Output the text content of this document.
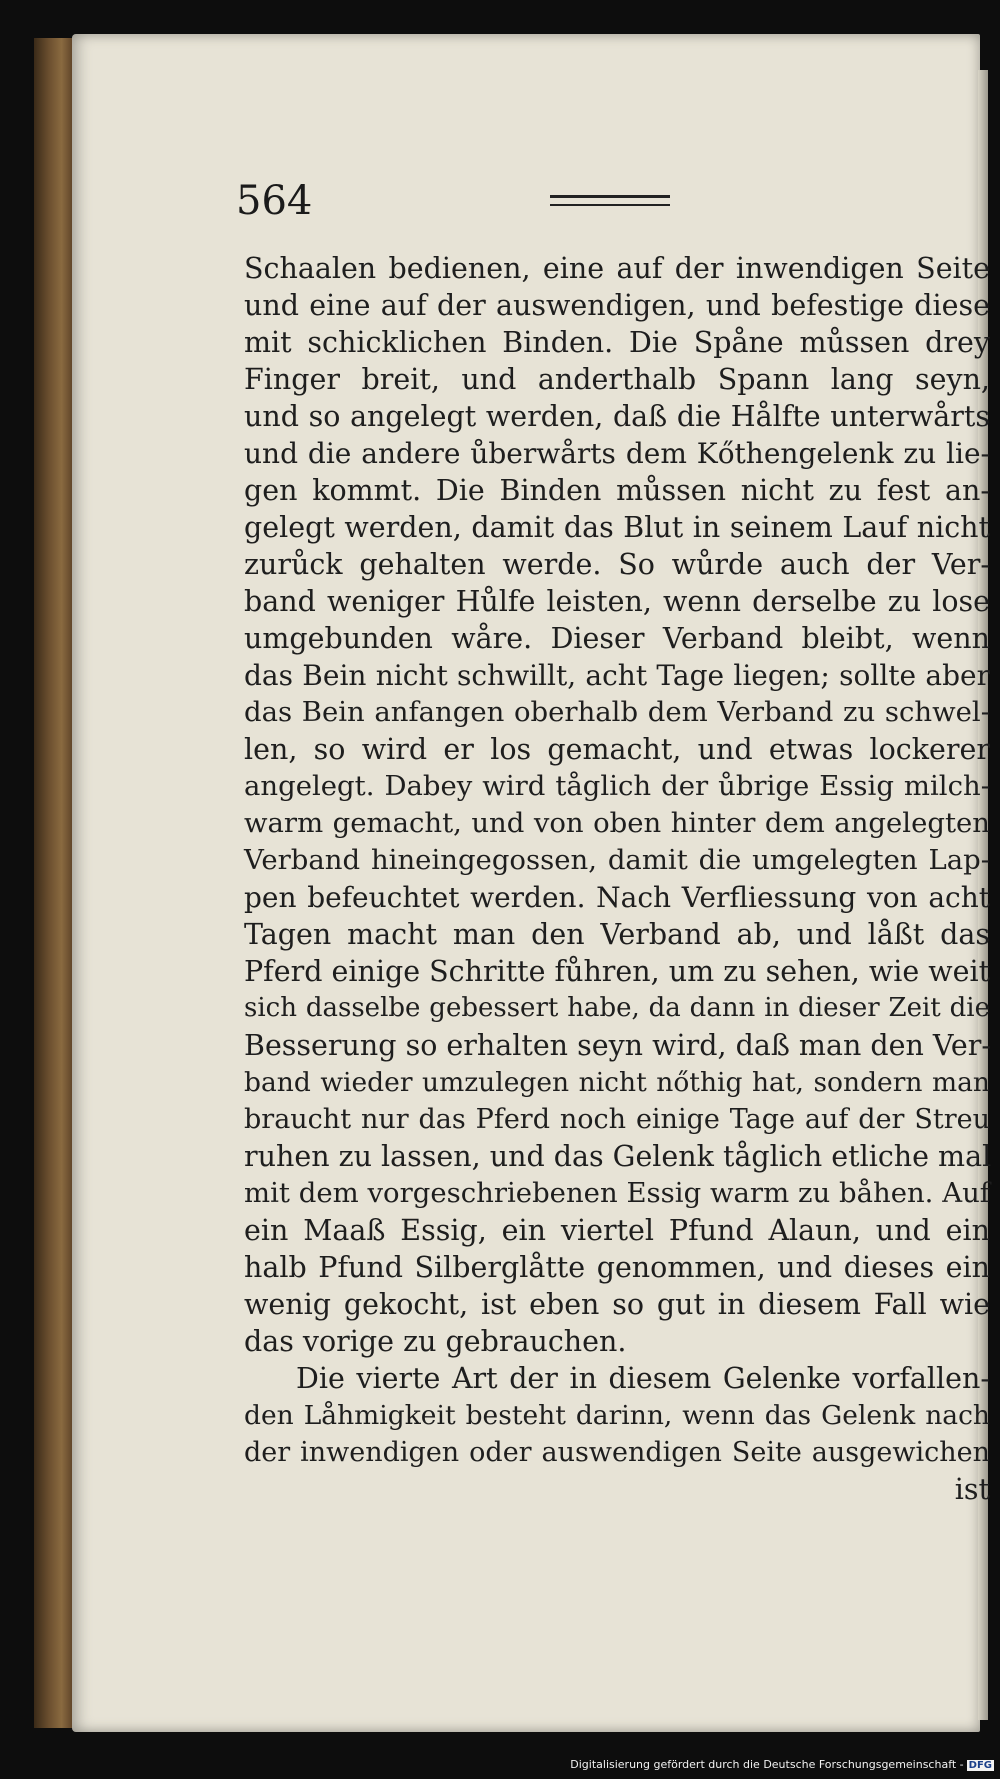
564
Schaalen bedienen, eine auf der inwendigen Seite
und eine auf der auswendigen, und befestige diese
mit schicklichen Binden. Die Spåne můssen drey
Finger breit, und anderthalb Spann lang seyn,
und so angelegt werden, daß die Hålfte unterwårts
und die andere ůberwårts dem Kőthengelenk zu lie-
gen kommt. Die Binden můssen nicht zu fest an-
gelegt werden, damit das Blut in seinem Lauf nicht
zurůck gehalten werde. So wůrde auch der Ver-
band weniger Hůlfe leisten, wenn derselbe zu lose
umgebunden wåre. Dieser Verband bleibt, wenn
das Bein nicht schwillt, acht Tage liegen; sollte aber
das Bein anfangen oberhalb dem Verband zu schwel-
len, so wird er los gemacht, und etwas lockerer
angelegt. Dabey wird tåglich der ůbrige Essig milch-
warm gemacht, und von oben hinter dem angelegten
Verband hineingegossen, damit die umgelegten Lap-
pen befeuchtet werden. Nach Verfliessung von acht
Tagen macht man den Verband ab, und låßt das
Pferd einige Schritte fůhren, um zu sehen, wie weit
sich dasselbe gebessert habe, da dann in dieser Zeit die
Besserung so erhalten seyn wird, daß man den Ver-
band wieder umzulegen nicht nőthig hat, sondern man
braucht nur das Pferd noch einige Tage auf der Streu
ruhen zu lassen, und das Gelenk tåglich etliche mal
mit dem vorgeschriebenen Essig warm zu båhen. Auf
ein Maaß Essig, ein viertel Pfund Alaun, und ein
halb Pfund Silberglåtte genommen, und dieses ein
wenig gekocht, ist eben so gut in diesem Fall wie
das vorige zu gebrauchen.
Die vierte Art der in diesem Gelenke vorfallen-
den Låhmigkeit besteht darinn, wenn das Gelenk nach
der inwendigen oder auswendigen Seite ausgewichen
ist
Digitalisierung gefördert durch die Deutsche Forschungsgemeinschaft - DFG
